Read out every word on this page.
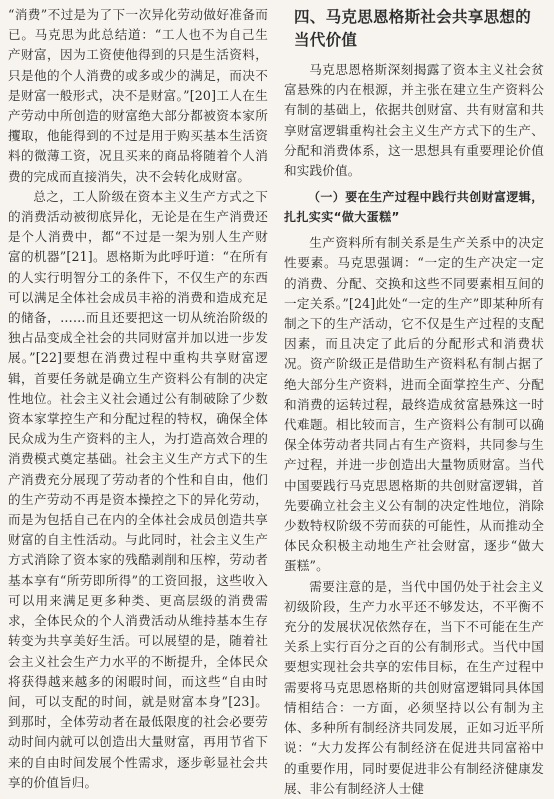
“消费”不过是为了下一次异化劳动做好准备而已。马克思为此总结道：“工人也不为自己生产财富，因为工资使他得到的只是生活资料，只是他的个人消费的或多或少的满足，而决不是财富一般形式，决不是财富。”[20]工人在生产劳动中所创造的财富绝大部分都被资本家所攫取，他能得到的不过是用于购买基本生活资料的微薄工资，况且买来的商品将随着个人消费的完成而直接消失，决不会转化成财富。

总之，工人阶级在资本主义生产方式之下的消费活动被彻底异化，无论是在生产消费还是个人消费中，都“不过是一架为别人生产财富的机器”[21]。恩格斯为此呼吁道：“在所有的人实行明智分工的条件下，不仅生产的东西可以满足全体社会成员丰裕的消费和造成充足的储备，……而且还要把这一切从统治阶级的独占品变成全社会的共同财富并加以进一步发展。”[22]要想在消费过程中重构共享财富逻辑，首要任务就是确立生产资料公有制的决定性地位。社会主义社会通过公有制破除了少数资本家掌控生产和分配过程的特权，确保全体民众成为生产资料的主人，为打造高效合理的消费模式奠定基础。社会主义生产方式下的生产消费充分展现了劳动者的个性和自由，他们的生产劳动不再是资本操控之下的异化劳动，而是为包括自己在内的全体社会成员创造共享财富的自主性活动。与此同时，社会主义生产方式消除了资本家的残酷剥削和压榨，劳动者基本享有“所劳即所得”的工资回报，这些收入可以用来满足更多种类、更高层级的消费需求，全体民众的个人消费活动从维持基本生存转变为共享美好生活。可以展望的是，随着社会主义社会生产力水平的不断提升，全体民众将获得越来越多的闲暇时间，而这些“自由时间，可以支配的时间，就是财富本身”[23]。到那时，全体劳动者在最低限度的社会必要劳动时间内就可以创造出大量财富，再用节省下来的自由时间发展个性需求，逐步彰显社会共享的价值旨归。

四、马克思恩格斯社会共享思想的当代价值

马克思恩格斯深刻揭露了资本主义社会贫富悬殊的内在根源，并主张在建立生产资料公有制的基础上，依据共创财富、共有财富和共享财富逻辑重构社会主义生产方式下的生产、分配和消费体系，这一思想具有重要理论价值和实践价值。

（一）要在生产过程中践行共创财富逻辑，扎扎实实“做大蛋糕”

生产资料所有制关系是生产关系中的决定性要素。马克思强调：“一定的生产决定一定的消费、分配、交换和这些不同要素相互间的一定关系。”[24]此处“一定的生产”即某种所有制之下的生产活动，它不仅是生产过程的支配因素，而且决定了此后的分配形式和消费状况。资产阶级正是借助生产资料私有制占据了绝大部分生产资料，进而全面掌控生产、分配和消费的运转过程，最终造成贫富悬殊这一时代难题。相比较而言，生产资料公有制可以确保全体劳动者共同占有生产资料，共同参与生产过程，并进一步创造出大量物质财富。当代中国要践行马克思恩格斯的共创财富逻辑，首先要确立社会主义公有制的决定性地位，消除少数特权阶级不劳而获的可能性，从而推动全体民众积极主动地生产社会财富，逐步“做大蛋糕”。

需要注意的是，当代中国仍处于社会主义初级阶段，生产力水平还不够发达，不平衡不充分的发展状况依然存在，当下不可能在生产关系上实行百分之百的公有制形式。当代中国要想实现社会共享的宏伟目标，在生产过程中需要将马克思恩格斯的共创财富逻辑同具体国情相结合：一方面，必须坚持以公有制为主体、多种所有制经济共同发展，正如习近平所说：“大力发挥公有制经济在促进共同富裕中的重要作用，同时要促进非公有制经济健康发展、非公有制经济人士健
